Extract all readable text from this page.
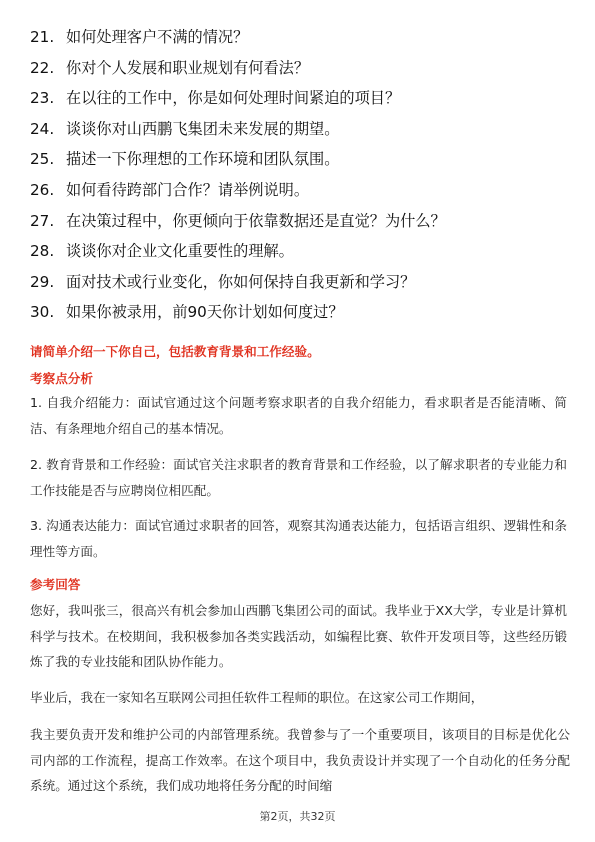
21. 如何处理客户不满的情况？
22. 你对个人发展和职业规划有何看法？
23. 在以往的工作中，你是如何处理时间紧迫的项目？
24. 谈谈你对山西鹏飞集团未来发展的期望。
25. 描述一下你理想的工作环境和团队氛围。
26. 如何看待跨部门合作？请举例说明。
27. 在决策过程中，你更倾向于依靠数据还是直觉？为什么？
28. 谈谈你对企业文化重要性的理解。
29. 面对技术或行业变化，你如何保持自我更新和学习？
30. 如果你被录用，前90天你计划如何度过？
请简单介绍一下你自己，包括教育背景和工作经验。
考察点分析

1. 自我介绍能力：面试官通过这个问题考察求职者的自我介绍能力，看求职者是否能清晰、简洁、有条理地介绍自己的基本情况。

2. 教育背景和工作经验：面试官关注求职者的教育背景和工作经验，以了解求职者的专业能力和工作技能是否与应聘岗位相匹配。

3. 沟通表达能力：面试官通过求职者的回答，观察其沟通表达能力，包括语言组织、逻辑性和条理性等方面。

参考回答

您好，我叫张三，很高兴有机会参加山西鹏飞集团公司的面试。我毕业于XX大学，专业是计算机科学与技术。在校期间，我积极参加各类实践活动，如编程比赛、软件开发项目等，这些经历锻炼了我的专业技能和团队协作能力。

毕业后，我在一家知名互联网公司担任软件工程师的职位。在这家公司工作期间，

我主要负责开发和维护公司的内部管理系统。我曾参与了一个重要项目，该项目的目标是优化公司内部的工作流程，提高工作效率。在这个项目中，我负责设计并实现了一个自动化的任务分配系统。通过这个系统，我们成功地将任务分配的时间缩

第2页，共32页
